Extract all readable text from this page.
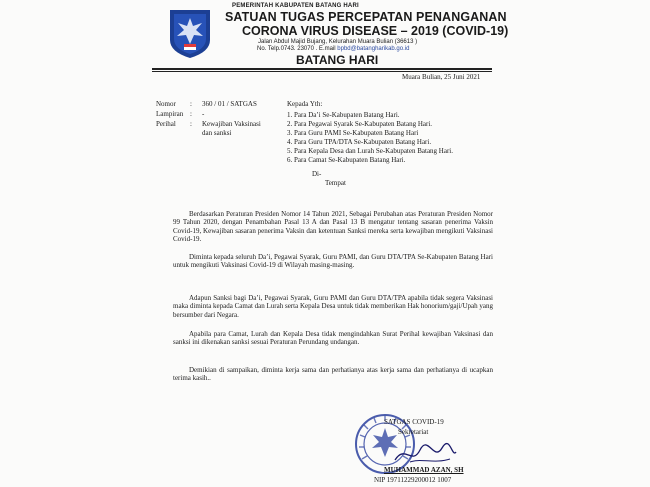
PEMERINTAH KABUPATEN BATANG HARI
SATUAN TUGAS PERCEPATAN PENANGANAN
CORONA VIRUS DISEASE – 2019 (COVID-19)
Jalan Abdul Majid Bujang, Kelurahan Muara Bulian (36613 )
No. Telp.0743. 23070 . E.mail bpbd@batangharikab.go.id
BATANG HARI
Muara Bulian, 25 Juni 2021
Nomor : 360 / 01 / SATGAS
Lampiran : -
Perihal : Kewajiban Vaksinasi
dan sanksi
Kepada Yth:
1. Para Da’i Se-Kabupaten Batang Hari.
2. Para Pegawai Syarak Se-Kabupaten Batang Hari.
3. Para Guru PAMI Se-Kabupaten Batang Hari
4. Para Guru TPA/DTA Se-Kabupaten Batang Hari.
5. Para Kepala Desa dan Lurah Se-Kabupaten Batang Hari.
6. Para Camat Se-Kabupaten Batang Hari.
Di-
Tempat
Berdasarkan Peraturan Presiden Nomor 14 Tahun 2021, Sebagai Perubahan atas Peraturan Presiden Nomor 99 Tahun 2020, dengan Penambahan Pasal 13 A dan Pasal 13 B mengatur tentang sasaran penerima Vaksin Covid-19, Kewajiban sasaran penerima Vaksin dan ketentuan Sanksi mereka serta kewajiban mengikuti Vaksinasi Covid-19.
Diminta kepada seluruh Da’i, Pegawai Syarak, Guru PAMI, dan Guru DTA/TPA Se-Kabupaten Batang Hari untuk mengikuti Vaksinasi Covid-19 di Wilayah masing-masing.
Adapun Sanksi bagi Da’i, Pegawai Syarak, Guru PAMI dan Guru DTA/TPA apabila tidak segera Vaksinasi maka diminta kepada Camat dan Lurah serta Kepala Desa untuk tidak memberikan Hak honorium/gaji/Upah yang bersumber dari Negara.
Apabila para Camat, Lurah dan Kepala Desa tidak mengindahkan Surat Perihal kewajiban Vaksinasi dan sanksi ini dikenakan sanksi sesuai Peraturan Perundang undangan.
Demikian di sampaikan, diminta kerja sama dan perhatianya atas kerja sama dan perhatianya di ucapkan terima kasih..
SATGAS COVID-19
Sekretariat
MUHAMMAD AZAN, SH
NIP 19711229200012 1007
